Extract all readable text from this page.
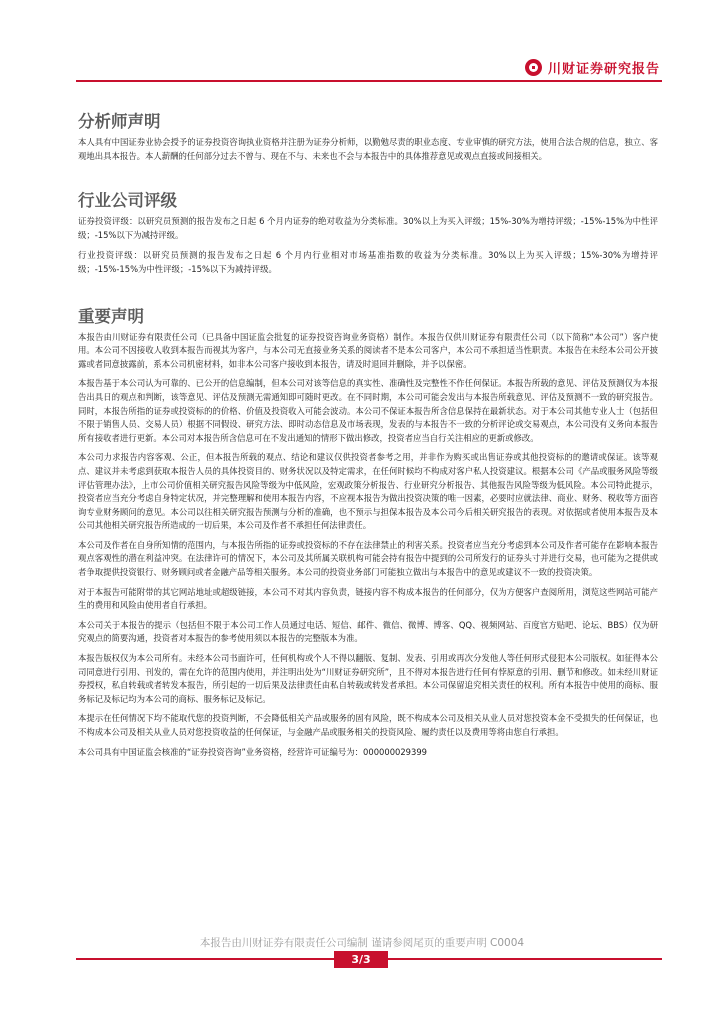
川财证券研究报告
分析师声明

本人具有中国证券业协会授予的证券投资咨询执业资格并注册为证券分析师，以勤勉尽责的职业态度、专业审慎的研究方法，使用合法合规的信息，独立、客观地出具本报告。本人薪酬的任何部分过去不曾与、现在不与、未来也不会与本报告中的具体推荐意见或观点直接或间接相关。

行业公司评级

证券投资评级：以研究员预测的报告发布之日起 6 个月内证券的绝对收益为分类标准。30%以上为买入评级；15%-30%为增持评级；-15%-15%为中性评级；-15%以下为减持评级。

行业投资评级：以研究员预测的报告发布之日起 6 个月内行业相对市场基准指数的收益为分类标准。30%以上为买入评级；15%-30%为增持评级；-15%-15%为中性评级；-15%以下为减持评级。

重要声明

本报告由川财证券有限责任公司（已具备中国证监会批复的证券投资咨询业务资格）制作。本报告仅供川财证券有限责任公司（以下简称“本公司”）客户使用。本公司不因接收人收到本报告而视其为客户，与本公司无直接业务关系的阅读者不是本公司客户，本公司不承担适当性职责。本报告在未经本公司公开披露或者同意披露前，系本公司机密材料，如非本公司客户接收到本报告，请及时退回并删除，并予以保密。

本报告基于本公司认为可靠的、已公开的信息编制，但本公司对该等信息的真实性、准确性及完整性不作任何保证。本报告所载的意见、评估及预测仅为本报告出具日的观点和判断，该等意见、评估及预测无需通知即可随时更改。在不同时期，本公司可能会发出与本报告所载意见、评估及预测不一致的研究报告。同时，本报告所指的证券或投资标的的价格、价值及投资收入可能会波动。本公司不保证本报告所含信息保持在最新状态。对于本公司其他专业人士（包括但不限于销售人员、交易人员）根据不同假设、研究方法、即时动态信息及市场表现，发表的与本报告不一致的分析评论或交易观点，本公司没有义务向本报告所有接收者进行更新。本公司对本报告所含信息可在不发出通知的情形下做出修改，投资者应当自行关注相应的更新或修改。

本公司力求报告内容客观、公正，但本报告所载的观点、结论和建议仅供投资者参考之用，并非作为购买或出售证券或其他投资标的的邀请或保证。该等观点、建议并未考虑到获取本报告人员的具体投资目的、财务状况以及特定需求，在任何时候均不构成对客户私人投资建议。根据本公司《产品或服务风险等级评估管理办法》，上市公司价值相关研究报告风险等级为中低风险，宏观政策分析报告、行业研究分析报告、其他报告风险等级为低风险。本公司特此提示，投资者应当充分考虑自身特定状况，并完整理解和使用本报告内容，不应视本报告为做出投资决策的唯一因素，必要时应就法律、商业、财务、税收等方面咨询专业财务顾问的意见。本公司以往相关研究报告预测与分析的准确，也不预示与担保本报告及本公司今后相关研究报告的表现。对依据或者使用本报告及本公司其他相关研究报告所造成的一切后果，本公司及作者不承担任何法律责任。

本公司及作者在自身所知情的范围内，与本报告所指的证券或投资标的不存在法律禁止的利害关系。投资者应当充分考虑到本公司及作者可能存在影响本报告观点客观性的潜在利益冲突。在法律许可的情况下，本公司及其所属关联机构可能会持有报告中提到的公司所发行的证券头寸并进行交易，也可能为之提供或者争取提供投资银行、财务顾问或者金融产品等相关服务。本公司的投资业务部门可能独立做出与本报告中的意见或建议不一致的投资决策。

对于本报告可能附带的其它网站地址或超级链接，本公司不对其内容负责，链接内容不构成本报告的任何部分，仅为方便客户查阅所用，浏览这些网站可能产生的费用和风险由使用者自行承担。

本公司关于本报告的提示（包括但不限于本公司工作人员通过电话、短信、邮件、微信、微博、博客、QQ、视频网站、百度官方贴吧、论坛、BBS）仅为研究观点的简要沟通，投资者对本报告的参考使用须以本报告的完整版本为准。

本报告版权仅为本公司所有。未经本公司书面许可，任何机构或个人不得以翻版、复制、发表、引用或再次分发他人等任何形式侵犯本公司版权。如征得本公司同意进行引用、刊发的，需在允许的范围内使用，并注明出处为“川财证券研究所”，且不得对本报告进行任何有悖原意的引用、删节和修改。如未经川财证券授权，私自转载或者转发本报告，所引起的一切后果及法律责任由私自转载或转发者承担。本公司保留追究相关责任的权利。所有本报告中使用的商标、服务标记及标记均为本公司的商标、服务标记及标记。

本提示在任何情况下均不能取代您的投资判断，不会降低相关产品或服务的固有风险，既不构成本公司及相关从业人员对您投资本金不受损失的任何保证，也不构成本公司及相关从业人员对您投资收益的任何保证，与金融产品或服务相关的投资风险、履约责任以及费用等将由您自行承担。

本公司具有中国证监会核准的“证券投资咨询”业务资格，经营许可证编号为：000000029399

本报告由川财证券有限责任公司编制 谨请参阅尾页的重要声明 C0004
3/3
